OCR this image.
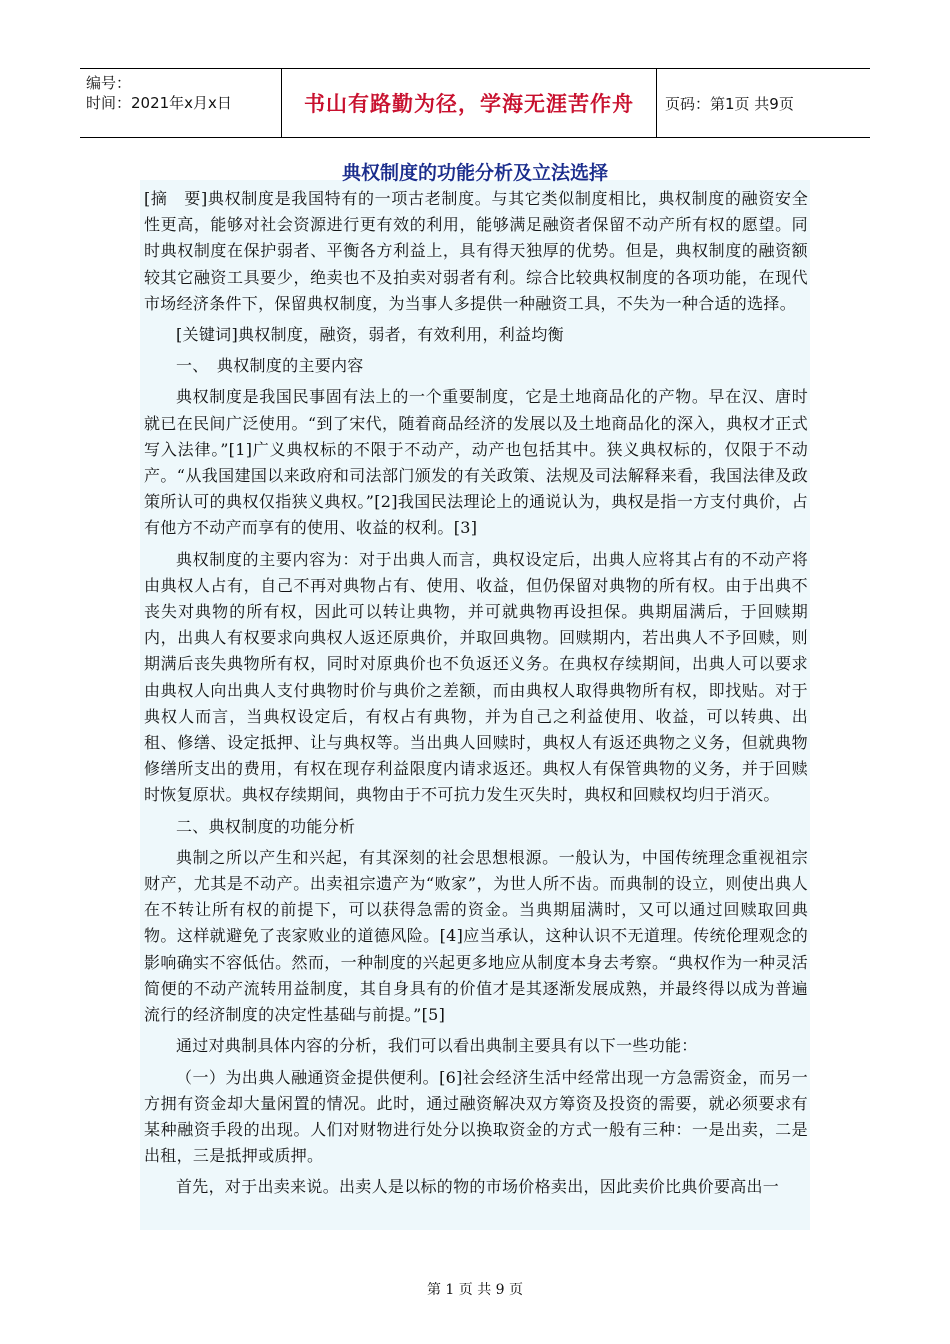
编号：
时间：2021年x月x日	书山有路勤为径，学海无涯苦作舟 页码：第1页 共9页
典权制度的功能分析及立法选择

[摘　要]典权制度是我国特有的一项古老制度。与其它类似制度相比，典权制度的融资安全性更高，能够对社会资源进行更有效的利用，能够满足融资者保留不动产所有权的愿望。同时典权制度在保护弱者、平衡各方利益上，具有得天独厚的优势。但是，典权制度的融资额较其它融资工具要少，绝卖也不及拍卖对弱者有利。综合比较典权制度的各项功能，在现代市场经济条件下，保留典权制度，为当事人多提供一种融资工具，不失为一种合适的选择。

[关键词]典权制度，融资，弱者，有效利用，利益均衡

一、　典权制度的主要内容

典权制度是我国民事固有法上的一个重要制度，它是土地商品化的产物。早在汉、唐时就已在民间广泛使用。“到了宋代，随着商品经济的发展以及土地商品化的深入，典权才正式写入法律。”[1]广义典权标的不限于不动产，动产也包括其中。狭义典权标的，仅限于不动产。“从我国建国以来政府和司法部门颁发的有关政策、法规及司法解释来看，我国法律及政策所认可的典权仅指狭义典权。”[2]我国民法理论上的通说认为，典权是指一方支付典价，占有他方不动产而享有的使用、收益的权利。[3]

典权制度的主要内容为：对于出典人而言，典权设定后，出典人应将其占有的不动产将由典权人占有，自己不再对典物占有、使用、收益，但仍保留对典物的所有权。由于出典不丧失对典物的所有权，因此可以转让典物，并可就典物再设担保。典期届满后，于回赎期内，出典人有权要求向典权人返还原典价，并取回典物。回赎期内，若出典人不予回赎，则期满后丧失典物所有权，同时对原典价也不负返还义务。在典权存续期间，出典人可以要求由典权人向出典人支付典物时价与典价之差额，而由典权人取得典物所有权，即找贴。对于典权人而言，当典权设定后，有权占有典物，并为自己之利益使用、收益，可以转典、出租、修缮、设定抵押、让与典权等。当出典人回赎时，典权人有返还典物之义务，但就典物修缮所支出的费用，有权在现存利益限度内请求返还。典权人有保管典物的义务，并于回赎时恢复原状。典权存续期间，典物由于不可抗力发生灭失时，典权和回赎权均归于消灭。

二、典权制度的功能分析

典制之所以产生和兴起，有其深刻的社会思想根源。一般认为，中国传统理念重视祖宗财产，尤其是不动产。出卖祖宗遗产为“败家”，为世人所不齿。而典制的设立，则使出典人在不转让所有权的前提下，可以获得急需的资金。当典期届满时，又可以通过回赎取回典物。这样就避免了丧家败业的道德风险。[4]应当承认，这种认识不无道理。传统伦理观念的影响确实不容低估。然而，一种制度的兴起更多地应从制度本身去考察。“典权作为一种灵活简便的不动产流转用益制度，其自身具有的价值才是其逐渐发展成熟，并最终得以成为普遍流行的经济制度的决定性基础与前提。”[5]

通过对典制具体内容的分析，我们可以看出典制主要具有以下一些功能：

（一）为出典人融通资金提供便利。[6]社会经济生活中经常出现一方急需资金，而另一方拥有资金却大量闲置的情况。此时，通过融资解决双方筹资及投资的需要，就必须要求有某种融资手段的出现。人们对财物进行处分以换取资金的方式一般有三种：一是出卖，二是出租，三是抵押或质押。

首先，对于出卖来说。出卖人是以标的物的市场价格卖出，因此卖价比典价要高出一

第 1 页 共 9 页
